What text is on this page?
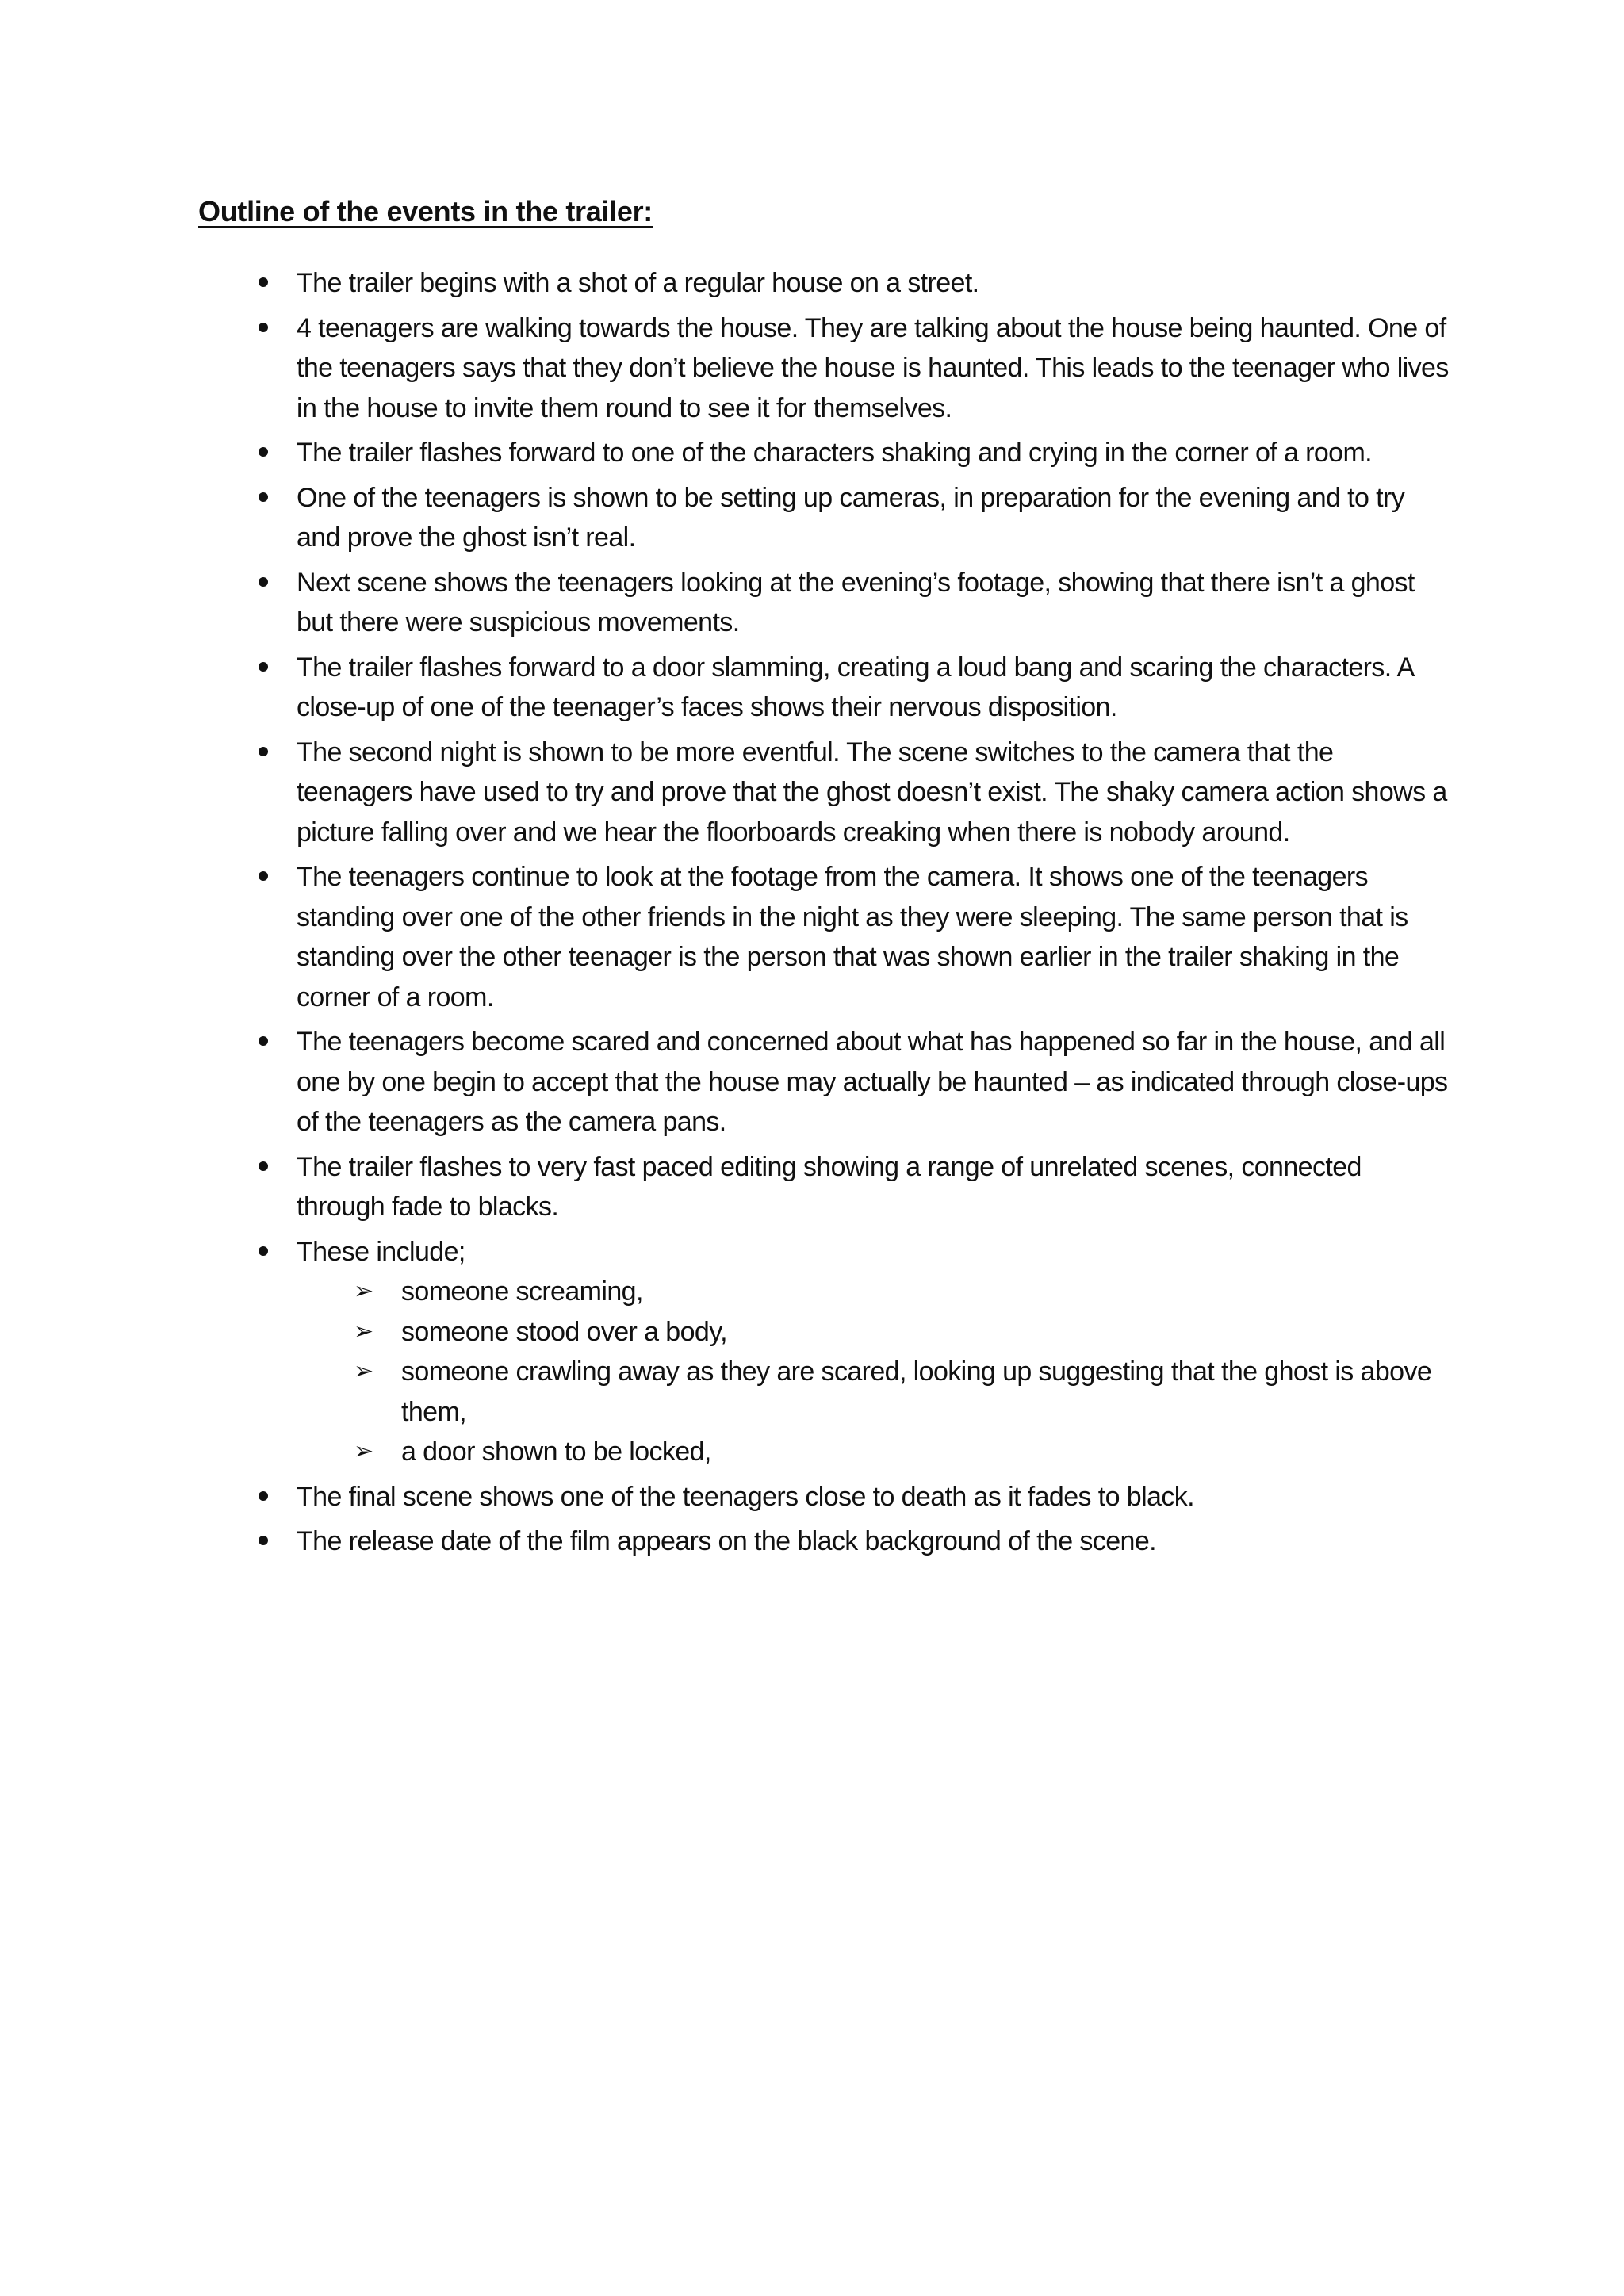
Outline of the events in the trailer:
The trailer begins with a shot of a regular house on a street.
4 teenagers are walking towards the house. They are talking about the house being haunted. One of the teenagers says that they don’t believe the house is haunted. This leads to the teenager who lives in the house to invite them round to see it for themselves.
The trailer flashes forward to one of the characters shaking and crying in the corner of a room.
One of the teenagers is shown to be setting up cameras, in preparation for the evening and to try and prove the ghost isn’t real.
Next scene shows the teenagers looking at the evening’s footage, showing that there isn’t a ghost but there were suspicious movements.
The trailer flashes forward to a door slamming, creating a loud bang and scaring the characters. A close-up of one of the teenager’s faces shows their nervous disposition.
The second night is shown to be more eventful. The scene switches to the camera that the teenagers have used to try and prove that the ghost doesn’t exist. The shaky camera action shows a picture falling over and we hear the floorboards creaking when there is nobody around.
The teenagers continue to look at the footage from the camera. It shows one of the teenagers standing over one of the other friends in the night as they were sleeping. The same person that is standing over the other teenager is the person that was shown earlier in the trailer shaking in the corner of a room.
The teenagers become scared and concerned about what has happened so far in the house, and all one by one begin to accept that the house may actually be haunted – as indicated through close-ups of the teenagers as the camera pans.
The trailer flashes to very fast paced editing showing a range of unrelated scenes, connected through fade to blacks.
These include;
➢ someone screaming,
➢ someone stood over a body,
➢ someone crawling away as they are scared, looking up suggesting that the ghost is above them,
➢ a door shown to be locked,
The final scene shows one of the teenagers close to death as it fades to black.
The release date of the film appears on the black background of the scene.
